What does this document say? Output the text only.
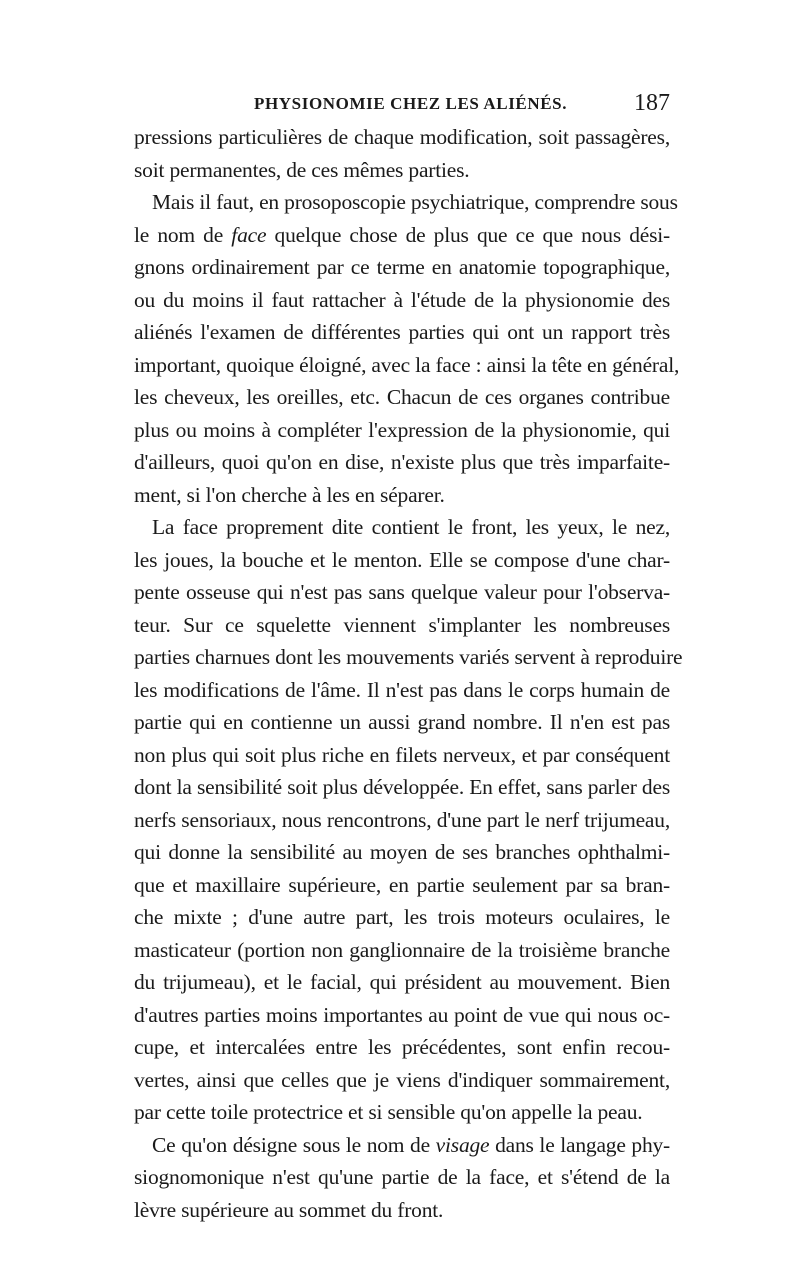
PHYSIONOMIE CHEZ LES ALIÉNÉS.	187
pressions particulières de chaque modification, soit passagères,
soit permanentes, de ces mêmes parties.
Mais il faut, en prosoposcopie psychiatrique, comprendre sous
le nom de face quelque chose de plus que ce que nous dési-
gnons ordinairement par ce terme en anatomie topographique,
ou du moins il faut rattacher à l'étude de la physionomie des
aliénés l'examen de différentes parties qui ont un rapport très
important, quoique éloigné, avec la face : ainsi la tête en général,
les cheveux, les oreilles, etc. Chacun de ces organes contribue
plus ou moins à compléter l'expression de la physionomie, qui
d'ailleurs, quoi qu'on en dise, n'existe plus que très imparfaite-
ment, si l'on cherche à les en séparer.
La face proprement dite contient le front, les yeux, le nez,
les joues, la bouche et le menton. Elle se compose d'une char-
pente osseuse qui n'est pas sans quelque valeur pour l'observa-
teur. Sur ce squelette viennent s'implanter les nombreuses
parties charnues dont les mouvements variés servent à reproduire
les modifications de l'âme. Il n'est pas dans le corps humain de
partie qui en contienne un aussi grand nombre. Il n'en est pas
non plus qui soit plus riche en filets nerveux, et par conséquent
dont la sensibilité soit plus développée. En effet, sans parler des
nerfs sensoriaux, nous rencontrons, d'une part le nerf trijumeau,
qui donne la sensibilité au moyen de ses branches ophthalmi-
que et maxillaire supérieure, en partie seulement par sa bran-
che mixte ; d'une autre part, les trois moteurs oculaires, le
masticateur (portion non ganglionnaire de la troisième branche
du trijumeau), et le facial, qui président au mouvement. Bien
d'autres parties moins importantes au point de vue qui nous oc-
cupe, et intercalées entre les précédentes, sont enfin recou-
vertes, ainsi que celles que je viens d'indiquer sommairement,
par cette toile protectrice et si sensible qu'on appelle la peau.
Ce qu'on désigne sous le nom de visage dans le langage phy-
siognomonique n'est qu'une partie de la face, et s'étend de la
lèvre supérieure au sommet du front.
